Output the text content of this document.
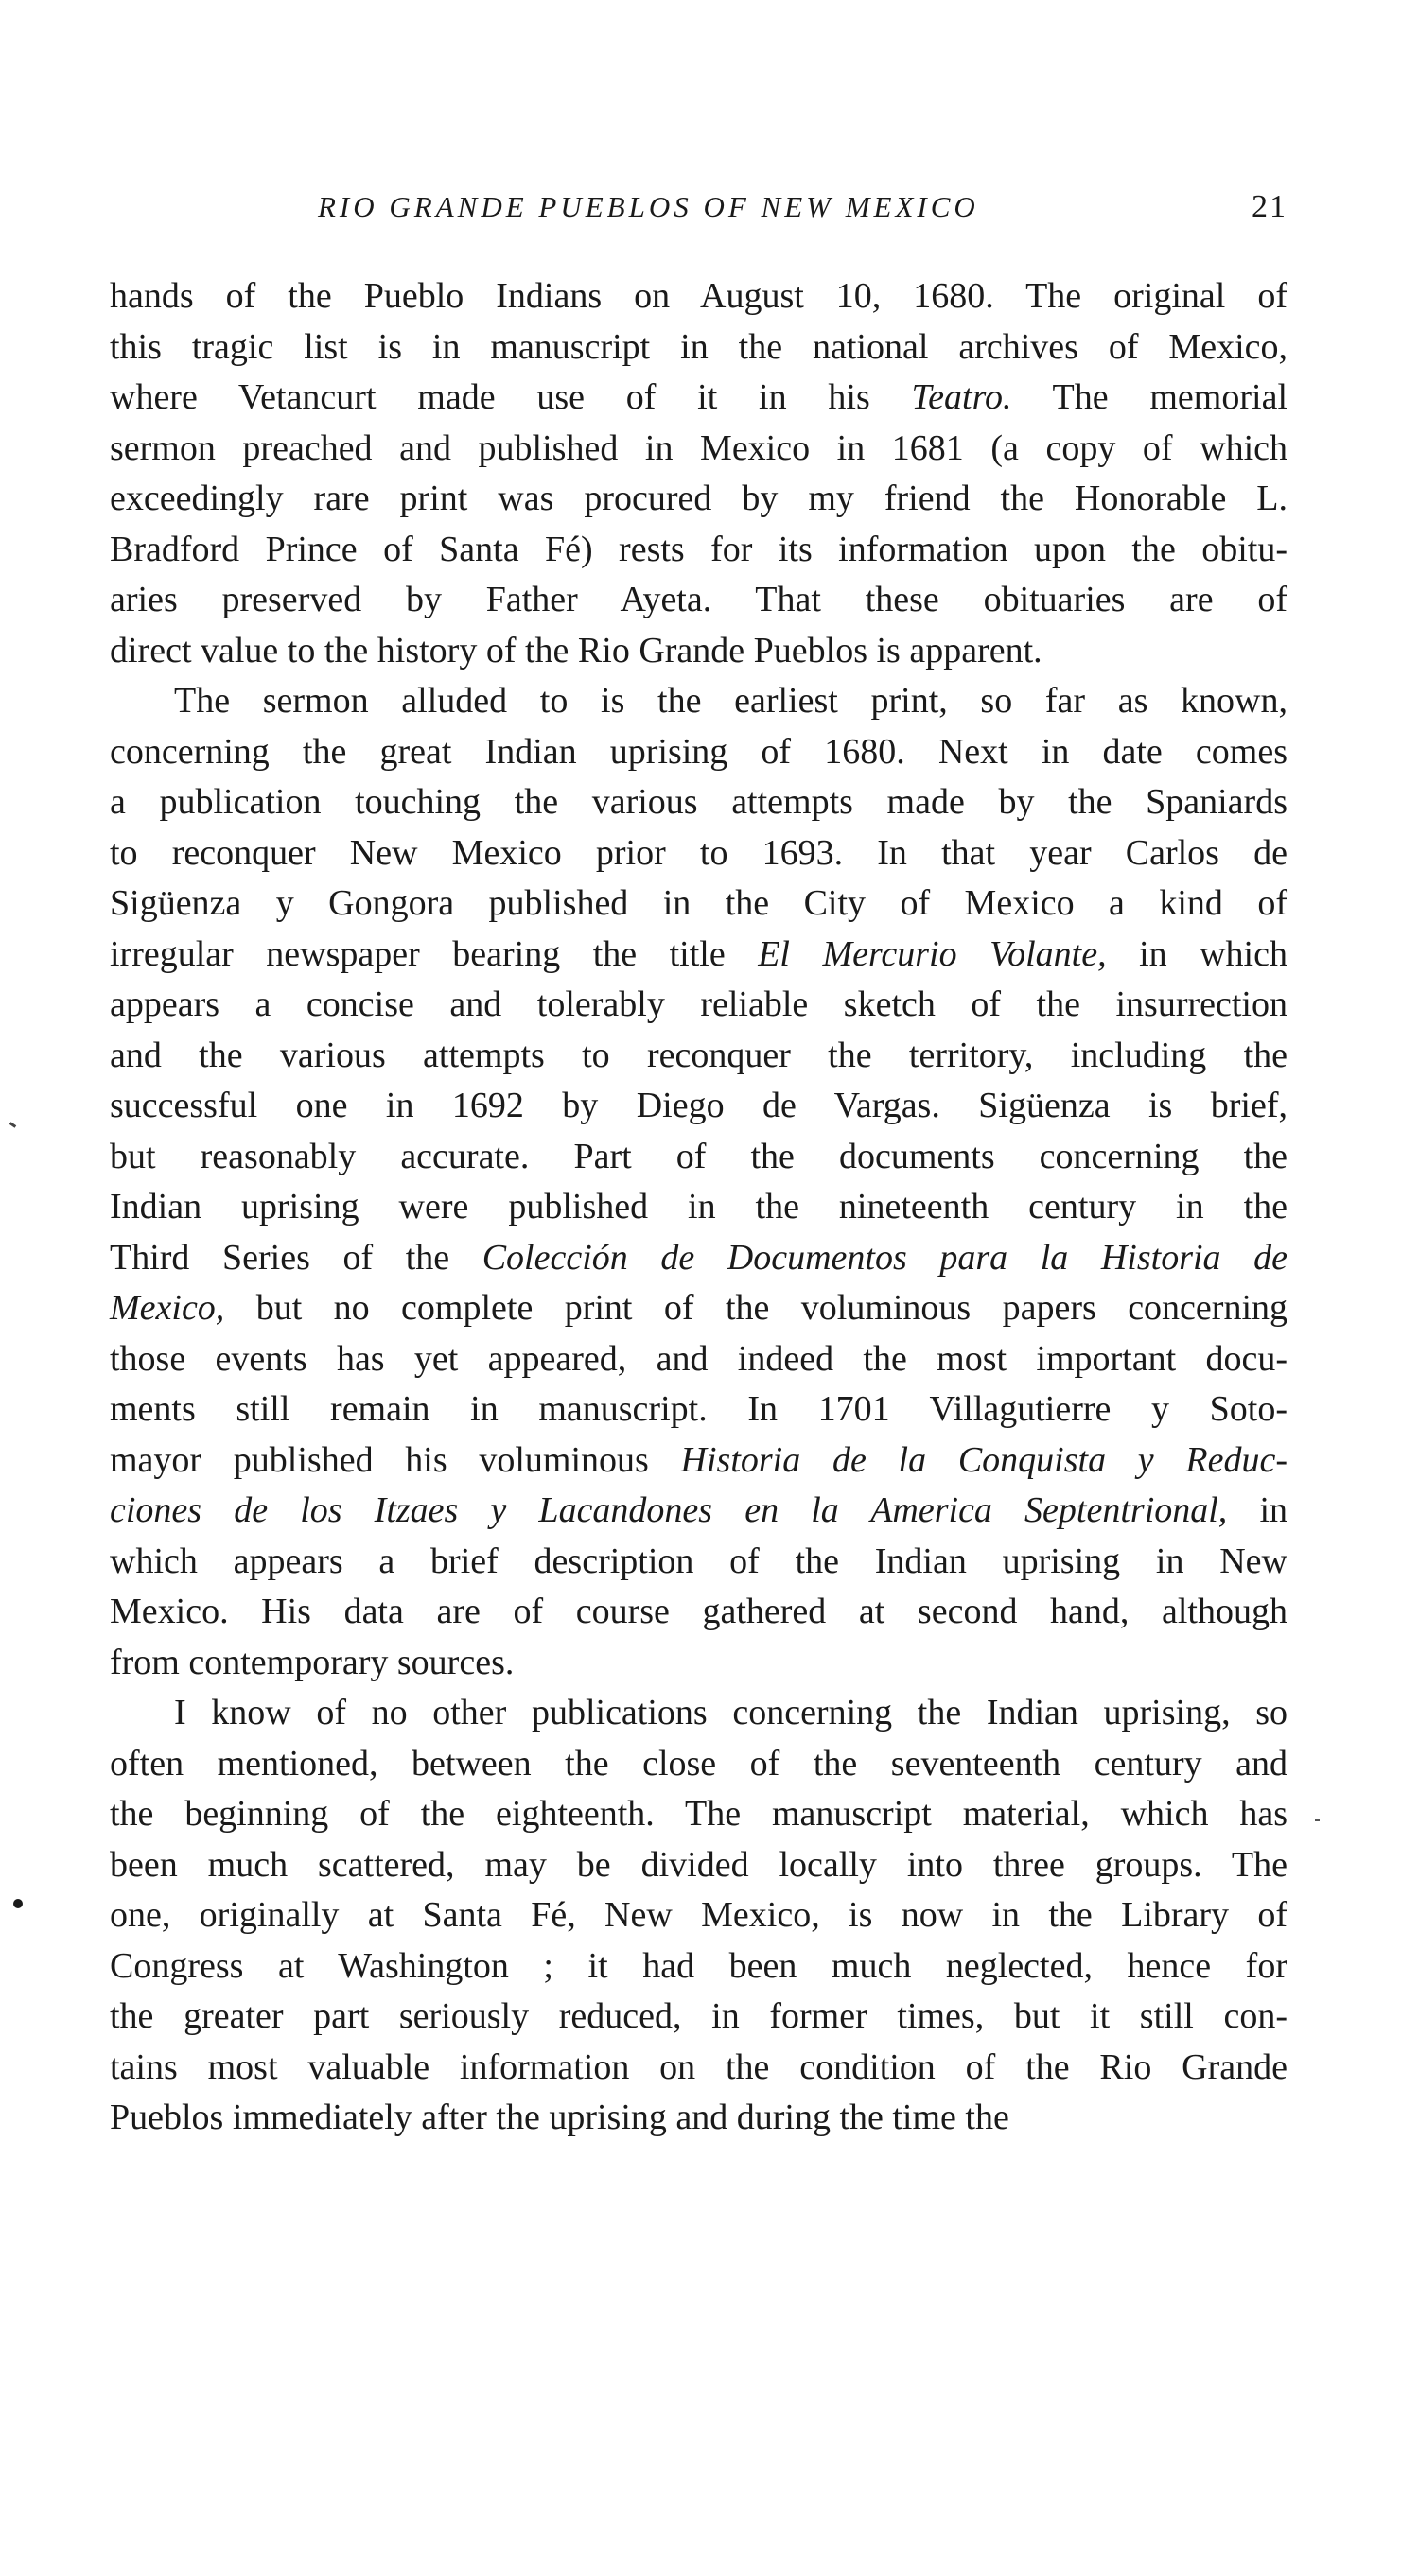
RIO GRANDE PUEBLOS OF NEW MEXICO	21

hands of the Pueblo Indians on August 10, 1680. The original of
this tragic list is in manuscript in the national archives of Mexico,
where Vetancurt made use of it in his Teatro. The memorial
sermon preached and published in Mexico in 1681 (a copy of which
exceedingly rare print was procured by my friend the Honorable L.
Bradford Prince of Santa Fé) rests for its information upon the obitu-
aries preserved by Father Ayeta. That these obituaries are of
direct value to the history of the Rio Grande Pueblos is apparent.

The sermon alluded to is the earliest print, so far as known,
concerning the great Indian uprising of 1680. Next in date comes
a publication touching the various attempts made by the Spaniards
to reconquer New Mexico prior to 1693. In that year Carlos de
Sigüenza y Gongora published in the City of Mexico a kind of
irregular newspaper bearing the title El Mercurio Volante, in which
appears a concise and tolerably reliable sketch of the insurrection
and the various attempts to reconquer the territory, including the
successful one in 1692 by Diego de Vargas. Sigüenza is brief,
but reasonably accurate. Part of the documents concerning the
Indian uprising were published in the nineteenth century in the
Third Series of the Colección de Documentos para la Historia de
Mexico, but no complete print of the voluminous papers concerning
those events has yet appeared, and indeed the most important docu-
ments still remain in manuscript. In 1701 Villagutierre y Soto-
mayor published his voluminous Historia de la Conquista y Reduc-
ciones de los Itzaes y Lacandones en la America Septentrional, in
which appears a brief description of the Indian uprising in New
Mexico. His data are of course gathered at second hand, although
from contemporary sources.

I know of no other publications concerning the Indian uprising, so
often mentioned, between the close of the seventeenth century and
the beginning of the eighteenth. The manuscript material, which has
been much scattered, may be divided locally into three groups. The
one, originally at Santa Fé, New Mexico, is now in the Library of
Congress at Washington ; it had been much neglected, hence for
the greater part seriously reduced, in former times, but it still con-
tains most valuable information on the condition of the Rio Grande
Pueblos immediately after the uprising and during the time the
